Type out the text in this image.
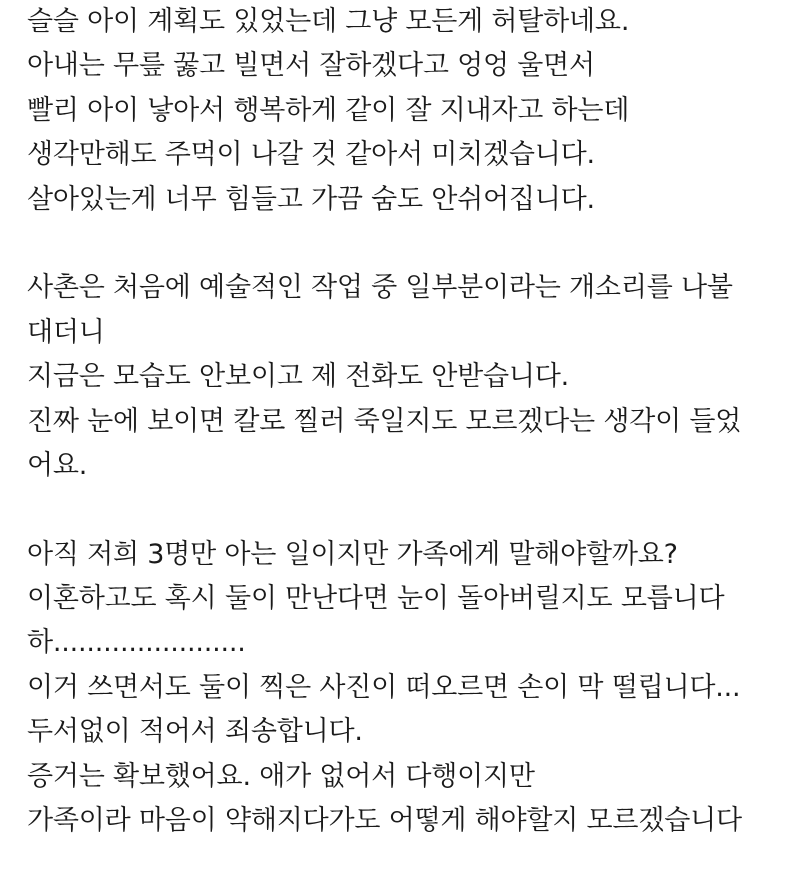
슬슬 아이 계획도 있었는데 그냥 모든게 허탈하네요.
아내는 무릎 꿇고 빌면서 잘하겠다고 엉엉 울면서
빨리 아이 낳아서 행복하게 같이 잘 지내자고 하는데
생각만해도 주먹이 나갈 것 같아서 미치겠습니다.
살아있는게 너무 힘들고 가끔 숨도 안쉬어집니다.
사촌은 처음에 예술적인 작업 중 일부분이라는 개소리를 나불
대더니
지금은 모습도 안보이고 제 전화도 안받습니다.
진짜 눈에 보이면 칼로 찔러 죽일지도 모르겠다는 생각이 들었
어요.
아직 저희 3명만 아는 일이지만 가족에게 말해야할까요?
이혼하고도 혹시 둘이 만난다면 눈이 돌아버릴지도 모릅니다
하.......................
이거 쓰면서도 둘이 찍은 사진이 떠오르면 손이 막 떨립니다...
두서없이 적어서 죄송합니다.
증거는 확보했어요. 애가 없어서 다행이지만
가족이라 마음이 약해지다가도 어떻게 해야할지 모르겠습니다
